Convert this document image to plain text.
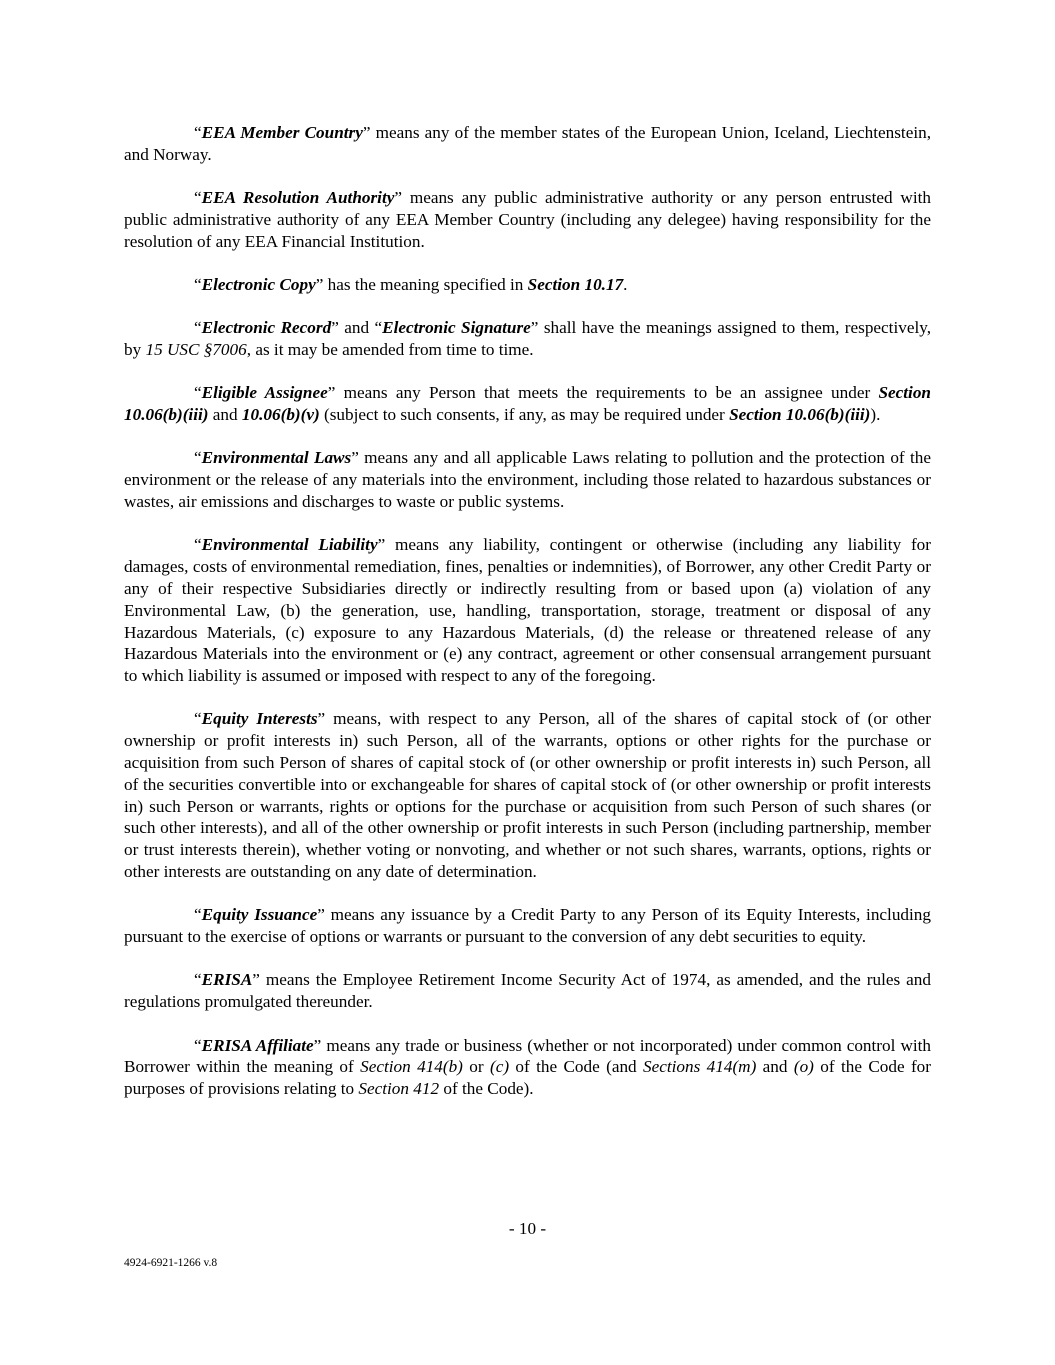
“EEA Member Country” means any of the member states of the European Union, Iceland, Liechtenstein, and Norway.

“EEA Resolution Authority” means any public administrative authority or any person entrusted with public administrative authority of any EEA Member Country (including any delegee) having responsibility for the resolution of any EEA Financial Institution.

“Electronic Copy” has the meaning specified in Section 10.17.

“Electronic Record” and “Electronic Signature” shall have the meanings assigned to them, respectively, by 15 USC §7006, as it may be amended from time to time.

“Eligible Assignee” means any Person that meets the requirements to be an assignee under Section 10.06(b)(iii) and 10.06(b)(v) (subject to such consents, if any, as may be required under Section 10.06(b)(iii)).

“Environmental Laws” means any and all applicable Laws relating to pollution and the protection of the environment or the release of any materials into the environment, including those related to hazardous substances or wastes, air emissions and discharges to waste or public systems.

“Environmental Liability” means any liability, contingent or otherwise (including any liability for damages, costs of environmental remediation, fines, penalties or indemnities), of Borrower, any other Credit Party or any of their respective Subsidiaries directly or indirectly resulting from or based upon (a) violation of any Environmental Law, (b) the generation, use, handling, transportation, storage, treatment or disposal of any Hazardous Materials, (c) exposure to any Hazardous Materials, (d) the release or threatened release of any Hazardous Materials into the environment or (e) any contract, agreement or other consensual arrangement pursuant to which liability is assumed or imposed with respect to any of the foregoing.

“Equity Interests” means, with respect to any Person, all of the shares of capital stock of (or other ownership or profit interests in) such Person, all of the warrants, options or other rights for the purchase or acquisition from such Person of shares of capital stock of (or other ownership or profit interests in) such Person, all of the securities convertible into or exchangeable for shares of capital stock of (or other ownership or profit interests in) such Person or warrants, rights or options for the purchase or acquisition from such Person of such shares (or such other interests), and all of the other ownership or profit interests in such Person (including partnership, member or trust interests therein), whether voting or nonvoting, and whether or not such shares, warrants, options, rights or other interests are outstanding on any date of determination.

“Equity Issuance” means any issuance by a Credit Party to any Person of its Equity Interests, including pursuant to the exercise of options or warrants or pursuant to the conversion of any debt securities to equity.

“ERISA” means the Employee Retirement Income Security Act of 1974, as amended, and the rules and regulations promulgated thereunder.

“ERISA Affiliate” means any trade or business (whether or not incorporated) under common control with Borrower within the meaning of Section 414(b) or (c) of the Code (and Sections 414(m) and (o) of the Code for purposes of provisions relating to Section 412 of the Code).

- 10 -
4924-6921-1266 v.8
